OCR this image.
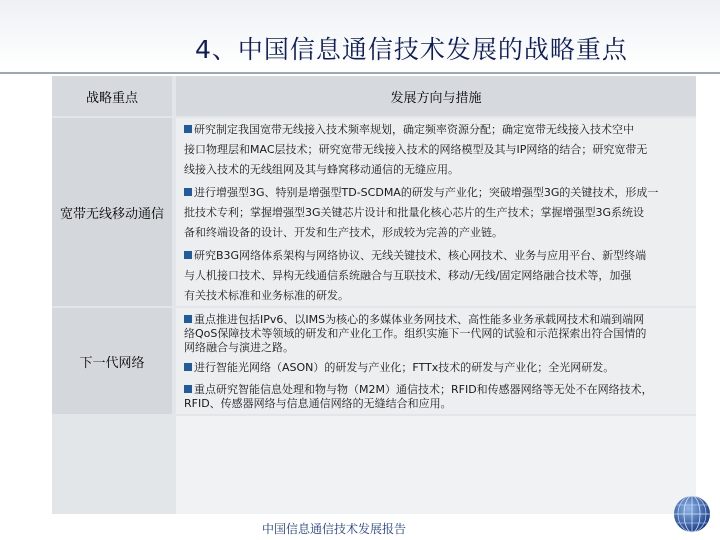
4、中国信息通信技术发展的战略重点
战略重点	发展方向与措施
宽带无线移动通信
研究制定我国宽带无线接入技术频率规划，确定频率资源分配；确定宽带无线接入技术空中
接口物理层和MAC层技术；研究宽带无线接入技术的网络模型及其与IP网络的结合；研究宽带无
线接入技术的无线组网及其与蜂窝移动通信的无缝应用。
进行增强型3G、特别是增强型TD-SCDMA的研发与产业化；突破增强型3G的关键技术，形成一
批技术专利；掌握增强型3G关键芯片设计和批量化核心芯片的生产技术；掌握增强型3G系统设
备和终端设备的设计、开发和生产技术，形成较为完善的产业链。
研究B3G网络体系架构与网络协议、无线关键技术、核心网技术、业务与应用平台、新型终端
与人机接口技术、异构无线通信系统融合与互联技术、移动/无线/固定网络融合技术等，加强
有关技术标准和业务标准的研发。
下一代网络
重点推进包括IPv6、以IMS为核心的多媒体业务网技术、高性能多业务承载网技术和端到端网
络QoS保障技术等领域的研发和产业化工作。组织实施下一代网的试验和示范探索出符合国情的
网络融合与演进之路。
进行智能光网络（ASON）的研发与产业化；FTTx技术的研发与产业化；全光网研发。
重点研究智能信息处理和物与物（M2M）通信技术；RFID和传感器网络等无处不在网络技术，
RFID、传感器网络与信息通信网络的无缝结合和应用。
中国信息通信技术发展报告
